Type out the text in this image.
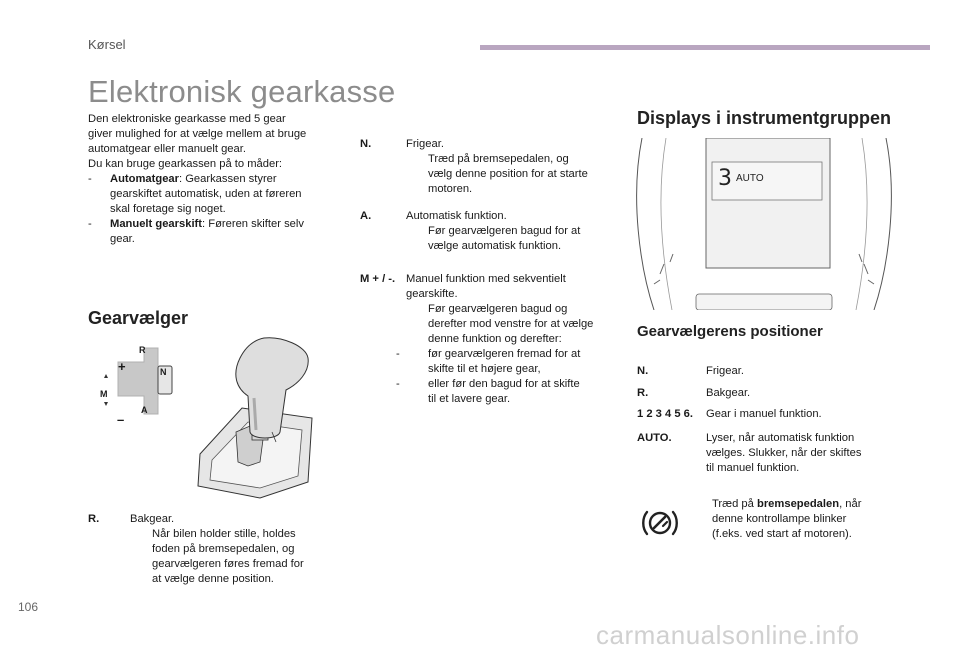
Kørsel
Elektronisk gearkasse
Den elektroniske gearkasse med 5 gear
giver mulighed for at vælge mellem at bruge
automatgear eller manuelt gear.
Du kan bruge gearkassen på to måder:
- Automatgear: Gearkassen styrer
gearskiftet automatisk, uden at føreren
skal foretage sig noget.
- Manuelt gearskift: Føreren skifter selv
gear.
Gearvælger
R
N
M
A
+
–
R.	Bakgear.
Når bilen holder stille, holdes
foden på bremsepedalen, og
gearvælgeren føres fremad for
at vælge denne position.
N.	Frigear.
Træd på bremsepedalen, og
vælg denne position for at starte
motoren.
A.	Automatisk funktion.
Før gearvælgeren bagud for at
vælge automatisk funktion.
M + / -. Manuel funktion med sekventielt
gearskifte.
Før gearvælgeren bagud og
derefter mod venstre for at vælge
denne funktion og derefter:
-	før gearvælgeren fremad for at
skifte til et højere gear,
-	eller før den bagud for at skifte
til et lavere gear.
Displays i instrumentgruppen
3 AUTO
Gearvælgerens positioner
N.	Frigear.
R.	Bakgear.
1 2 3 4 5 6. Gear i manuel funktion.
AUTO.	Lyser, når automatisk funktion
vælges. Slukker, når der skiftes
til manuel funktion.
Træd på bremsepedalen, når
denne kontrollampe blinker
(f.eks. ved start af motoren).
106
carmanualsonline.info
